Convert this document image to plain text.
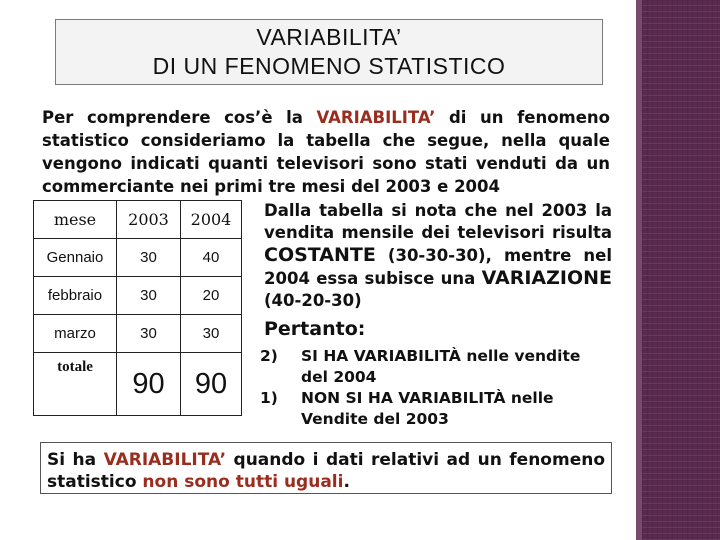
VARIABILITA’
DI UN FENOMENO STATISTICO
Per comprendere cos’è la VARIABILITA’ di un fenomeno statistico consideriamo la tabella che segue, nella quale vengono indicati quanti televisori sono stati venduti da un commerciante nei primi tre mesi del 2003 e 2004
mese	2003	2004
Gennaio	30	40
febbraio	30	20
marzo	30	30
totale	90	90

Dalla tabella si nota che nel 2003 la vendita mensile dei televisori risulta COSTANTE (30-30-30), mentre nel 2004 essa subisce una VARIAZIONE (40-20-30)

Pertanto:
2)	SI HA VARIABILITÀ nelle vendite del 2004
1)	NON SI HA VARIABILITÀ nelle Vendite del 2003
Si ha VARIABILITA’ quando i dati relativi ad un fenomeno statistico non sono tutti uguali.
